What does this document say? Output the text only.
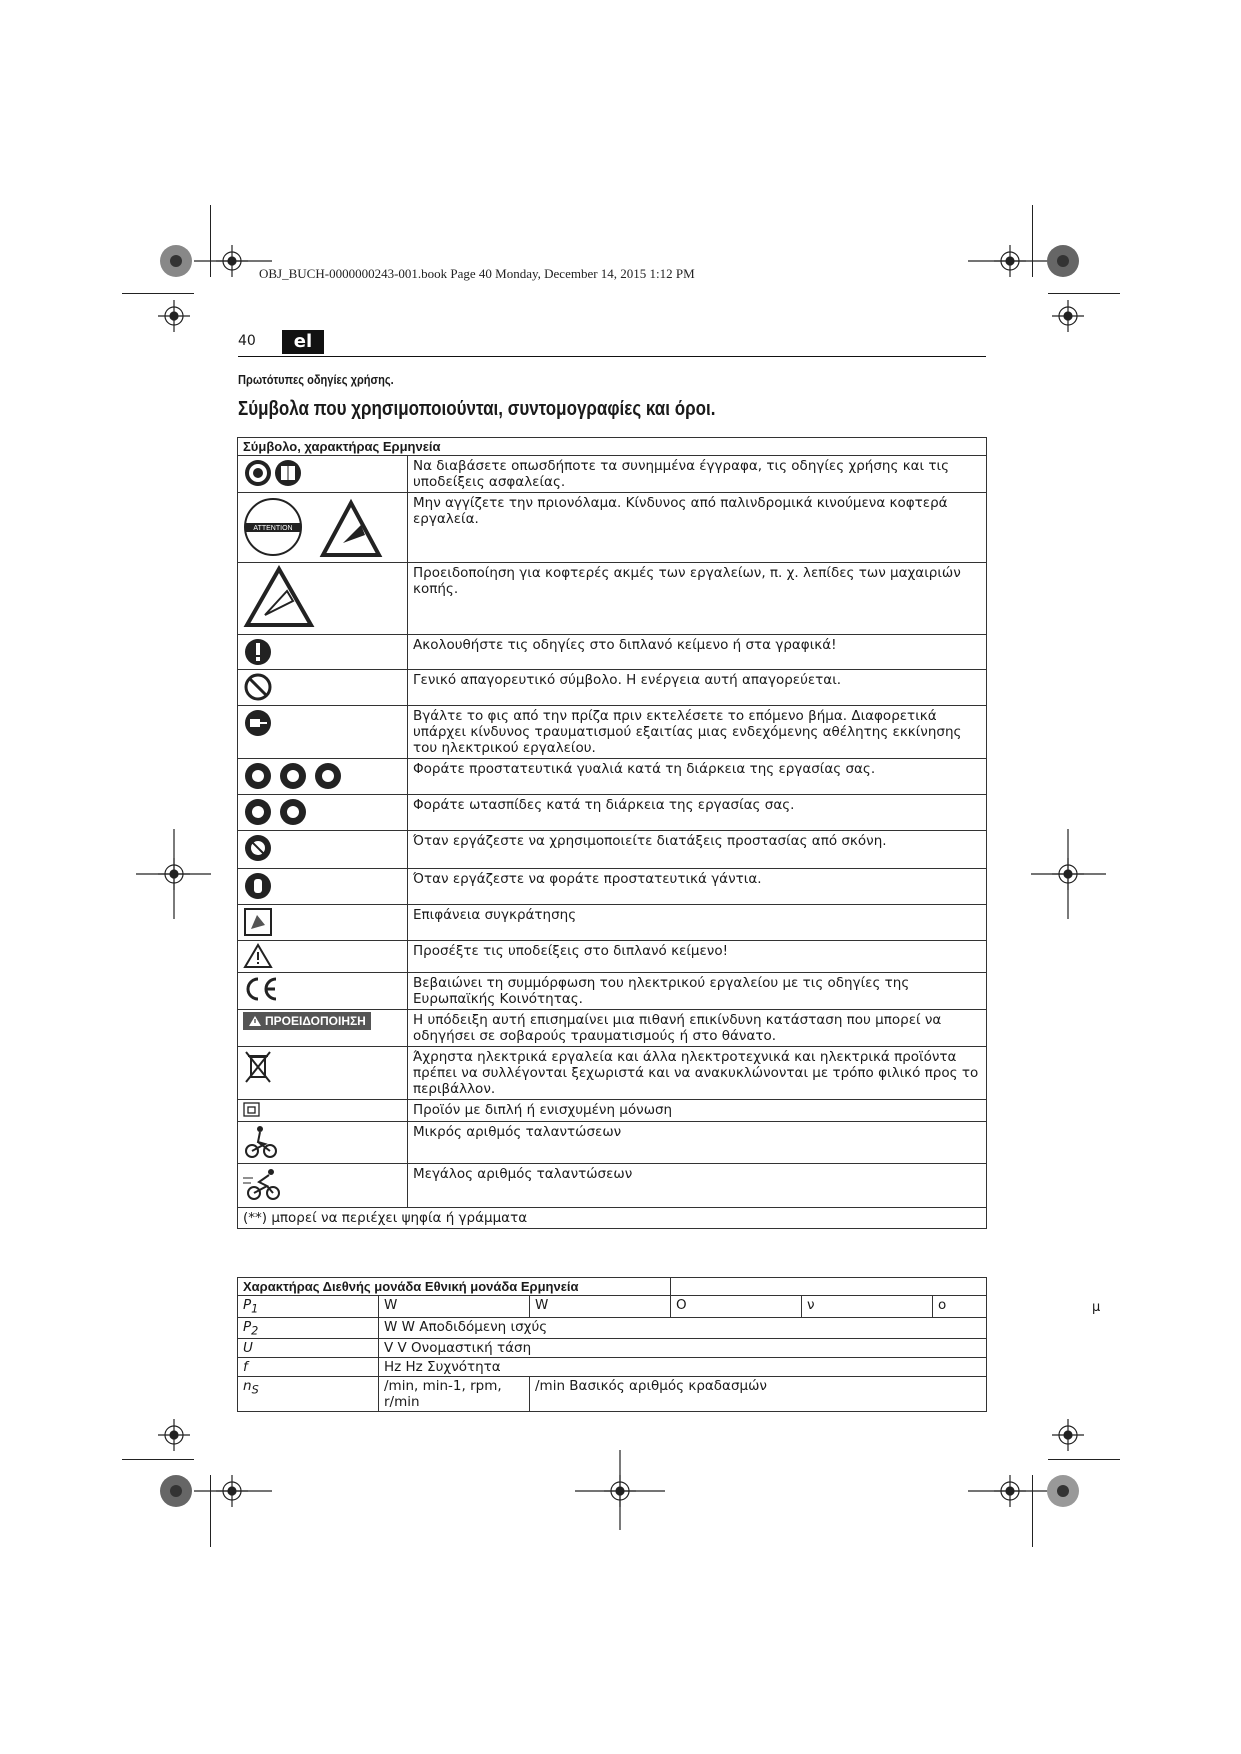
OBJ_BUCH-0000000243-001.book Page 40 Monday, December 14, 2015 1:12 PM
40	el
Πρωτότυπες οδηγίες χρήσης.
Σύμβολα που χρησιμοποιούνται, συντομογραφίες και όροι.
Σύμβολο, χαρακτήρας Ερμηνεία	
	Να διαβάσετε οπωσδήποτε τα συνημμένα έγγραφα, τις οδηγίες χρήσης και τις υποδείξεις ασφαλείας.

ATTENTION	Μην αγγίζετε την πριονόλαμα. Κίνδυνος από παλινδρομικά κινούμενα κοφτερά εργαλεία.
	Προειδοποίηση για κοφτερές ακμές των εργαλείων, π. χ. λεπίδες των μαχαιριών κοπής.
	Ακολουθήστε τις οδηγίες στο διπλανό κείμενο ή στα γραφικά!
	Γενικό απαγορευτικό σύμβολο. Η ενέργεια αυτή απαγορεύεται.
	Βγάλτε το φις από την πρίζα πριν εκτελέσετε το επόμενο βήμα. Διαφορετικά υπάρχει κίνδυνος τραυματισμού εξαιτίας μιας ενδεχόμενης αθέλητης εκκίνησης του ηλεκτρικού εργαλείου.
	Φοράτε προστατευτικά γυαλιά κατά τη διάρκεια της εργασίας σας.
	Φοράτε ωτασπίδες κατά τη διάρκεια της εργασίας σας.
	Όταν εργάζεστε να χρησιμοποιείτε διατάξεις προστασίας από σκόνη.
	Όταν εργάζεστε να φοράτε προστατευτικά γάντια.
	Επιφάνεια συγκράτησης
	Προσέξτε τις υποδείξεις στο διπλανό κείμενο!
	Βεβαιώνει τη συμμόρφωση του ηλεκτρικού εργαλείου με τις οδηγίες της Ευρωπαϊκής Κοινότητας.

ΠΡΟΕΙΔΟΠΟΙΗΣΗ	Η υπόδειξη αυτή επισημαίνει μια πιθανή επικίνδυνη κατάσταση που μπορεί να οδηγήσει σε σοβαρούς τραυματισμούς ή στο θάνατο.
	Άχρηστα ηλεκτρικά εργαλεία και άλλα ηλεκτροτεχνικά και ηλεκτρικά προϊόντα πρέπει να συλλέγονται ξεχωριστά και να ανακυκλώνονται με τρόπο φιλικό προς το περιβάλλον.
	Προϊόν με διπλή ή ενισχυμένη μόνωση
	Μικρός αριθμός ταλαντώσεων
	Μεγάλος αριθμός ταλαντώσεων
(**) μπορεί να περιέχει ψηφία ή γράμματα	
Χαρακτήρας Διεθνής μονάδα Εθνική μονάδα Ερμηνεία					
$P_1$	W	W	Ο	ν	ο
$P_2$	W W Αποδιδόμενη ισχύς				
U	V V Ονομαστική τάση				
f	Hz Hz Συχνότητα				
$n_S$	/min, min-1, rpm, r/min	/min Βασικός αριθμός κραδασμών			
μ
